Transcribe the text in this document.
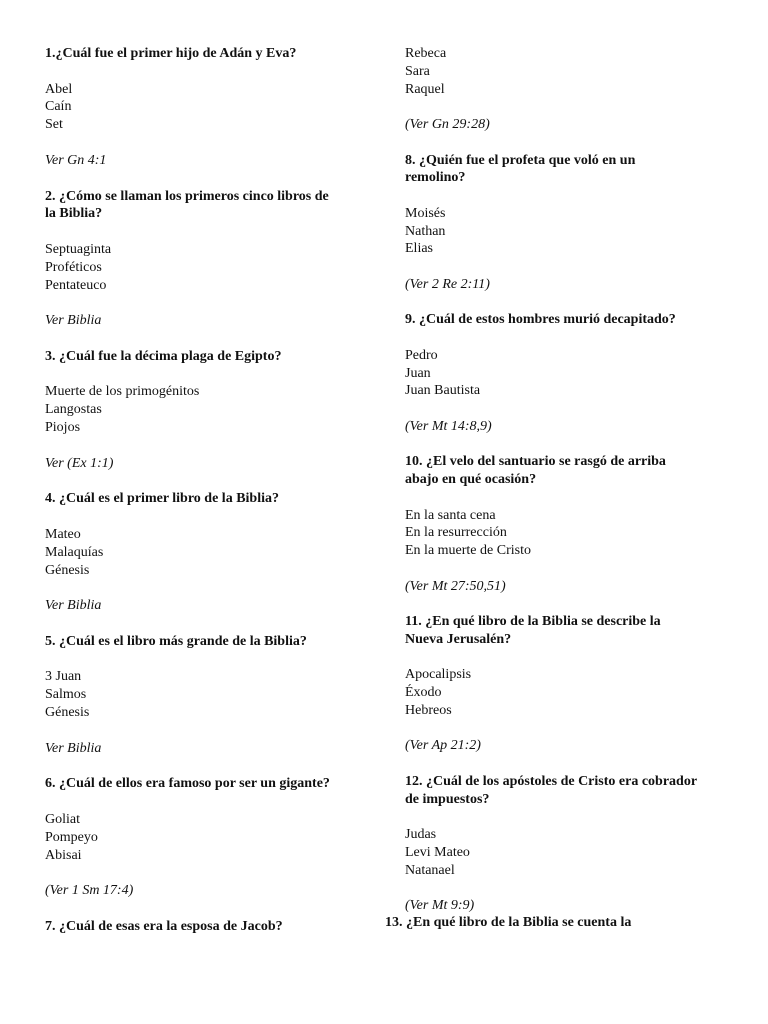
1.¿Cuál fue el primer hijo de Adán y Eva?
Abel
Caín
Set
Ver Gn 4:1
2. ¿Cómo se llaman los primeros cinco libros de
la Biblia?
Septuaginta
Proféticos
Pentateuco
Ver Biblia
3. ¿Cuál fue la décima plaga de Egipto?
Muerte de los primogénitos
Langostas
Piojos
Ver (Ex 1:1)
4. ¿Cuál es el primer libro de la Biblia?
Mateo
Malaquías
Génesis
Ver Biblia
5. ¿Cuál es el libro más grande de la Biblia?
3 Juan
Salmos
Génesis
Ver Biblia
6. ¿Cuál de ellos era famoso por ser un gigante?
Goliat
Pompeyo
Abisai
(Ver 1 Sm 17:4)
7. ¿Cuál de esas era la esposa de Jacob?
Rebeca
Sara
Raquel
(Ver Gn 29:28)
8. ¿Quién fue el profeta que voló en un
remolino?
Moisés
Nathan
Elias
(Ver 2 Re 2:11)
9. ¿Cuál de estos hombres murió decapitado?
Pedro
Juan
Juan Bautista
(Ver Mt 14:8,9)
10. ¿El velo del santuario se rasgó de arriba
abajo en qué ocasión?
En la santa cena
En la resurrección
En la muerte de Cristo
(Ver Mt 27:50,51)
11. ¿En qué libro de la Biblia se describe la
Nueva Jerusalén?
Apocalipsis
Éxodo
Hebreos
(Ver Ap 21:2)
12. ¿Cuál de los apóstoles de Cristo era cobrador
de impuestos?
Judas
Levi Mateo
Natanael
(Ver Mt 9:9)
13. ¿En qué libro de la Biblia se cuenta la
